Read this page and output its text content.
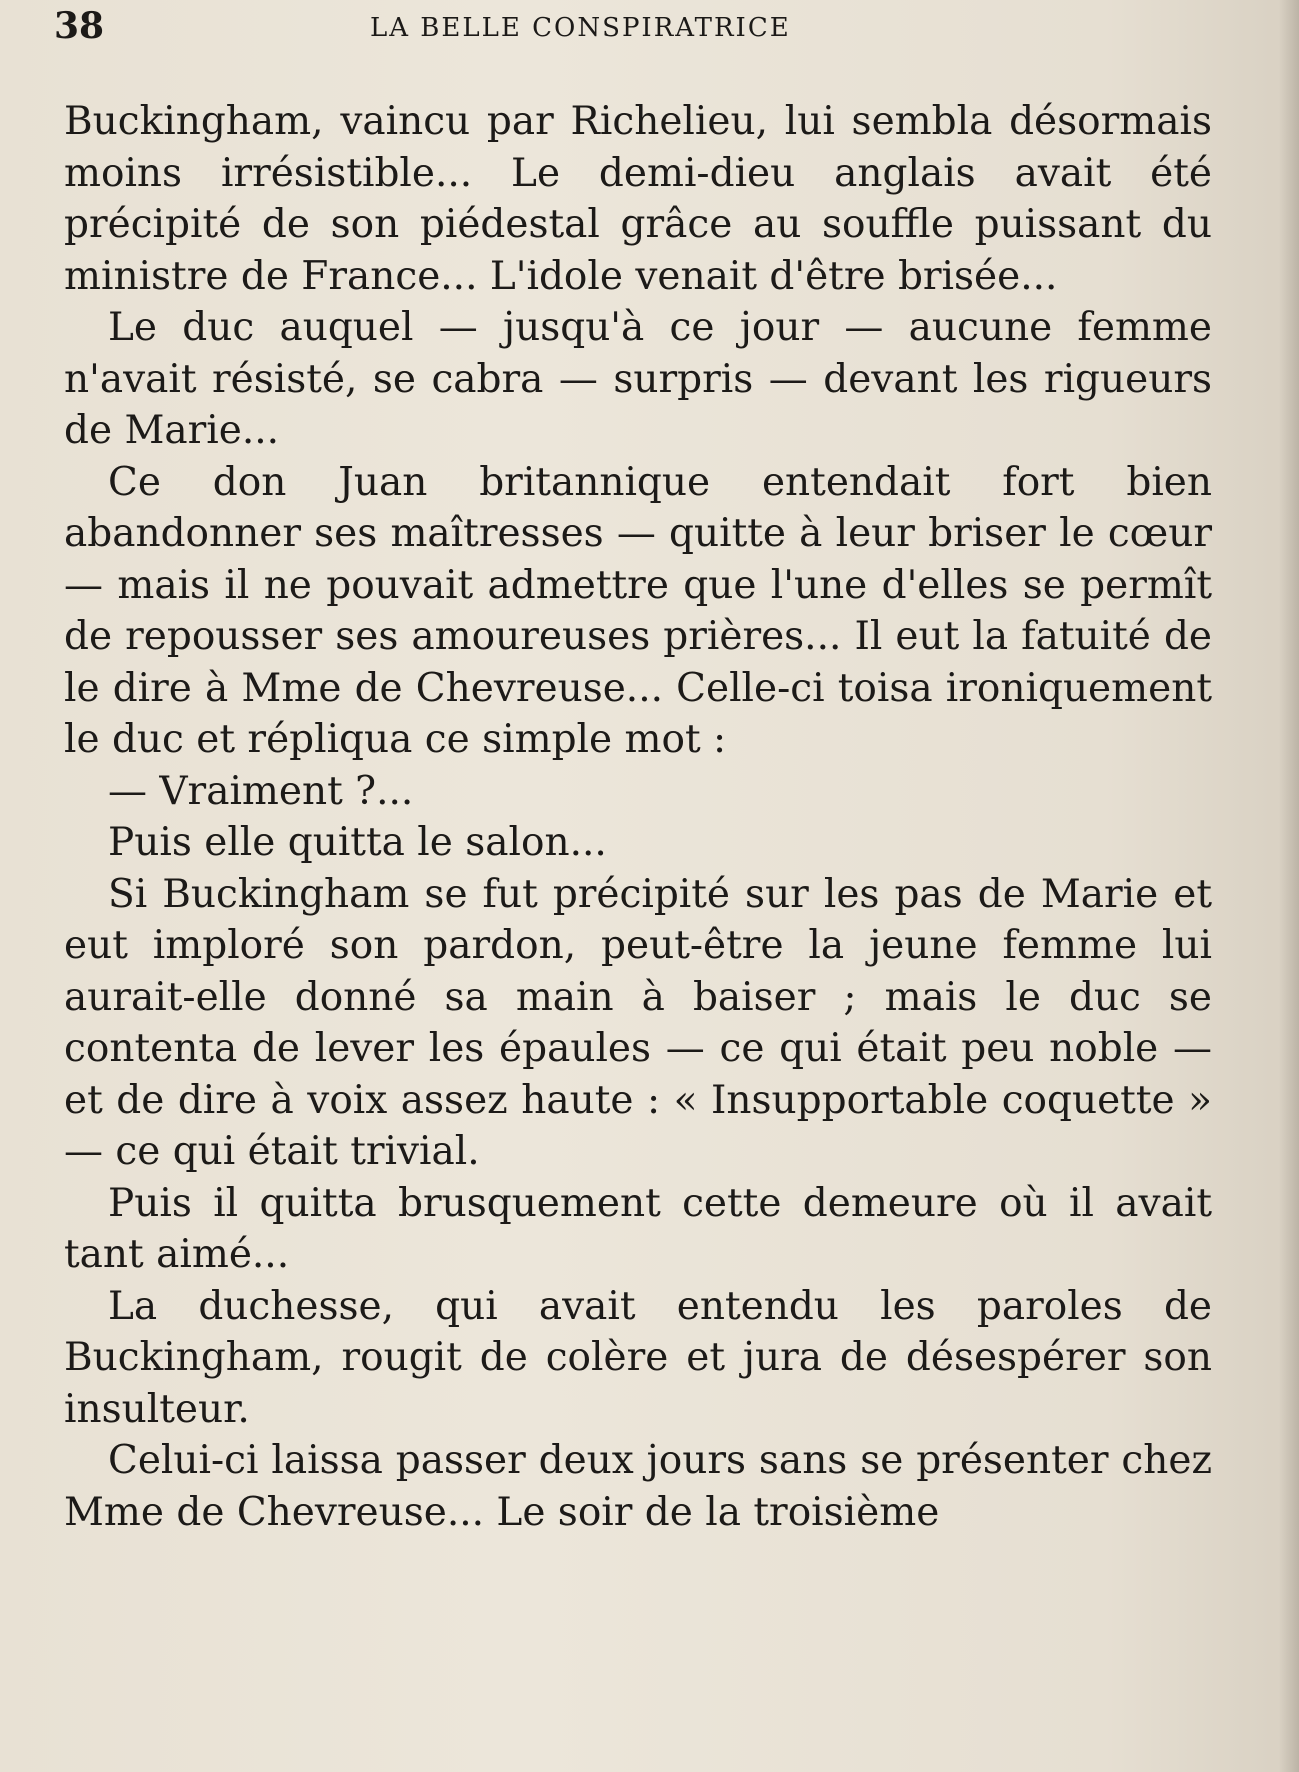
38	LA BELLE CONSPIRATRICE

Buckingham, vaincu par Richelieu, lui sembla désormais moins irrésistible... Le demi-dieu anglais avait été précipité de son piédestal grâce au souffle puissant du ministre de France... L'idole venait d'être brisée...

Le duc auquel — jusqu'à ce jour — aucune femme n'avait résisté, se cabra — surpris — devant les rigueurs de Marie...

Ce don Juan britannique entendait fort bien abandonner ses maîtresses — quitte à leur briser le cœur — mais il ne pouvait admettre que l'une d'elles se permît de repousser ses amoureuses prières... Il eut la fatuité de le dire à Mme de Chevreuse... Celle-ci toisa ironiquement le duc et répliqua ce simple mot :

— Vraiment ?...

Puis elle quitta le salon...

Si Buckingham se fut précipité sur les pas de Marie et eut imploré son pardon, peut-être la jeune femme lui aurait-elle donné sa main à baiser ; mais le duc se contenta de lever les épaules — ce qui était peu noble — et de dire à voix assez haute : « Insupportable coquette » — ce qui était trivial.

Puis il quitta brusquement cette demeure où il avait tant aimé...

La duchesse, qui avait entendu les paroles de Buckingham, rougit de colère et jura de désespérer son insulteur.

Celui-ci laissa passer deux jours sans se présenter chez Mme de Chevreuse... Le soir de la troisième
